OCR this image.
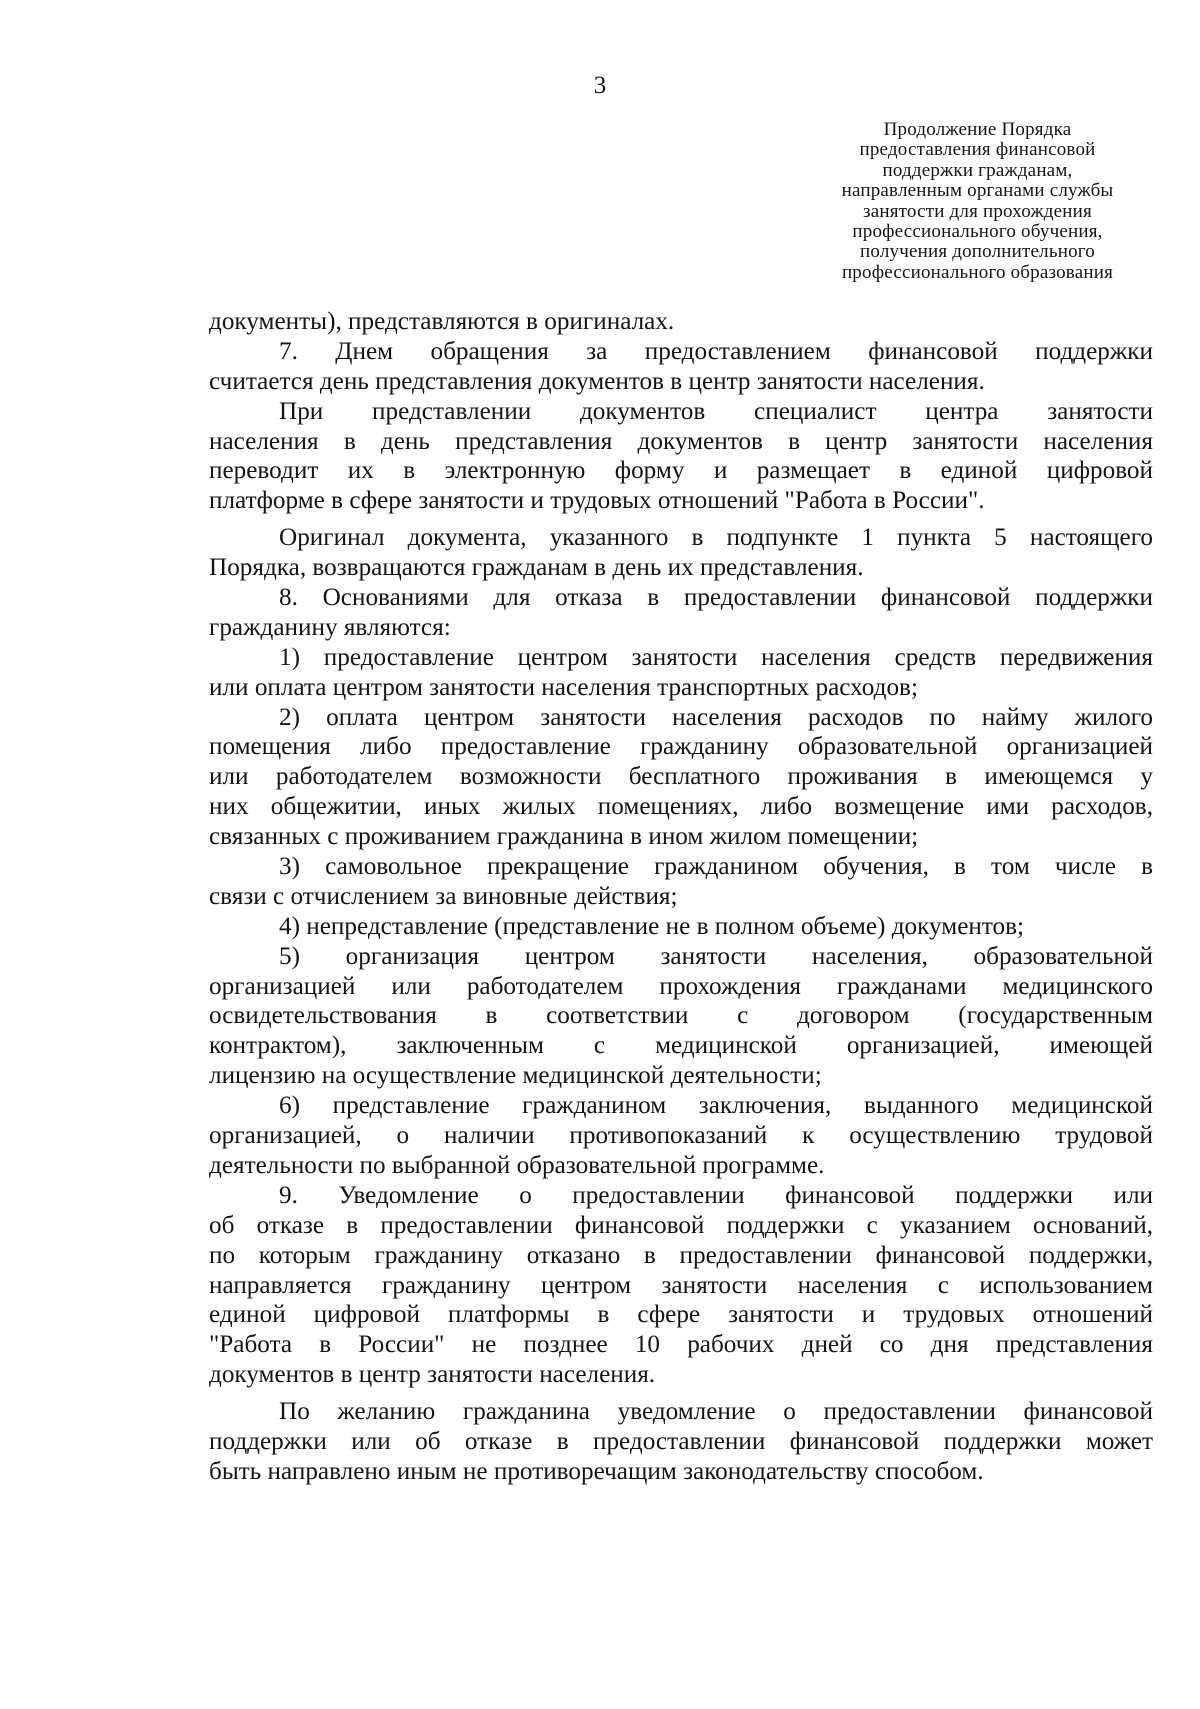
3
Продолжение Порядка
предоставления финансовой
поддержки гражданам,
направленным органами службы
занятости для прохождения
профессионального обучения,
получения дополнительного
профессионального образования
документы), представляются в оригиналах.
7. Днем обращения за предоставлением финансовой поддержки
считается день представления документов в центр занятости населения.
При представлении документов специалист центра занятости
населения в день представления документов в центр занятости населения
переводит их в электронную форму и размещает в единой цифровой
платформе в сфере занятости и трудовых отношений "Работа в России".
Оригинал документа, указанного в подпункте 1 пункта 5 настоящего
Порядка, возвращаются гражданам в день их представления.
8. Основаниями для отказа в предоставлении финансовой поддержки
гражданину являются:
1) предоставление центром занятости населения средств передвижения
или оплата центром занятости населения транспортных расходов;
2) оплата центром занятости населения расходов по найму жилого
помещения либо предоставление гражданину образовательной организацией
или работодателем возможности бесплатного проживания в имеющемся у
них общежитии, иных жилых помещениях, либо возмещение ими расходов,
связанных с проживанием гражданина в ином жилом помещении;
3) самовольное прекращение гражданином обучения, в том числе в
связи с отчислением за виновные действия;
4) непредставление (представление не в полном объеме) документов;
5) организация центром занятости населения, образовательной
организацией или работодателем прохождения гражданами медицинского
освидетельствования в соответствии с договором (государственным
контрактом), заключенным с медицинской организацией, имеющей
лицензию на осуществление медицинской деятельности;
6) представление гражданином заключения, выданного медицинской
организацией, о наличии противопоказаний к осуществлению трудовой
деятельности по выбранной образовательной программе.
9. Уведомление о предоставлении финансовой поддержки или
об отказе в предоставлении финансовой поддержки с указанием оснований,
по которым гражданину отказано в предоставлении финансовой поддержки,
направляется гражданину центром занятости населения с использованием
единой цифровой платформы в сфере занятости и трудовых отношений
"Работа в России" не позднее 10 рабочих дней со дня представления
документов в центр занятости населения.
По желанию гражданина уведомление о предоставлении финансовой
поддержки или об отказе в предоставлении финансовой поддержки может
быть направлено иным не противоречащим законодательству способом.
